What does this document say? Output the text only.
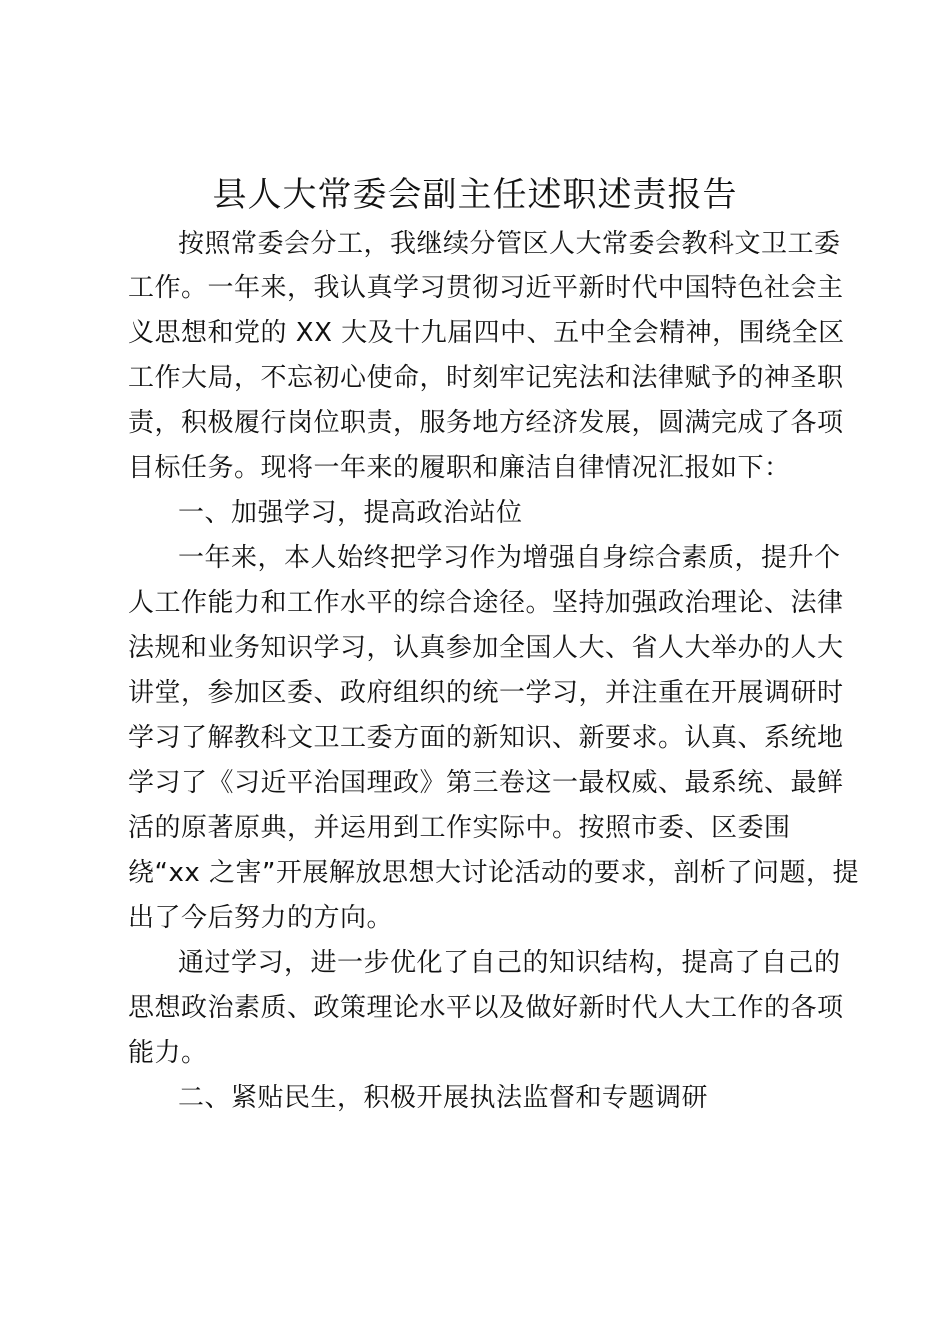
县人大常委会副主任述职述责报告
按照常委会分工，我继续分管区人大常委会教科文卫工委
工作。一年来，我认真学习贯彻习近平新时代中国特色社会主
义思想和党的 XX 大及十九届四中、五中全会精神，围绕全区
工作大局，不忘初心使命，时刻牢记宪法和法律赋予的神圣职
责，积极履行岗位职责，服务地方经济发展，圆满完成了各项
目标任务。现将一年来的履职和廉洁自律情况汇报如下：
一、加强学习，提高政治站位
一年来，本人始终把学习作为增强自身综合素质，提升个
人工作能力和工作水平的综合途径。坚持加强政治理论、法律
法规和业务知识学习，认真参加全国人大、省人大举办的人大
讲堂，参加区委、政府组织的统一学习，并注重在开展调研时
学习了解教科文卫工委方面的新知识、新要求。认真、系统地
学习了《习近平治国理政》第三卷这一最权威、最系统、最鲜
活的原著原典，并运用到工作实际中。按照市委、区委围
绕“xx 之害”开展解放思想大讨论活动的要求，剖析了问题，提
出了今后努力的方向。
通过学习，进一步优化了自己的知识结构，提高了自己的
思想政治素质、政策理论水平以及做好新时代人大工作的各项
能力。
二、紧贴民生，积极开展执法监督和专题调研
